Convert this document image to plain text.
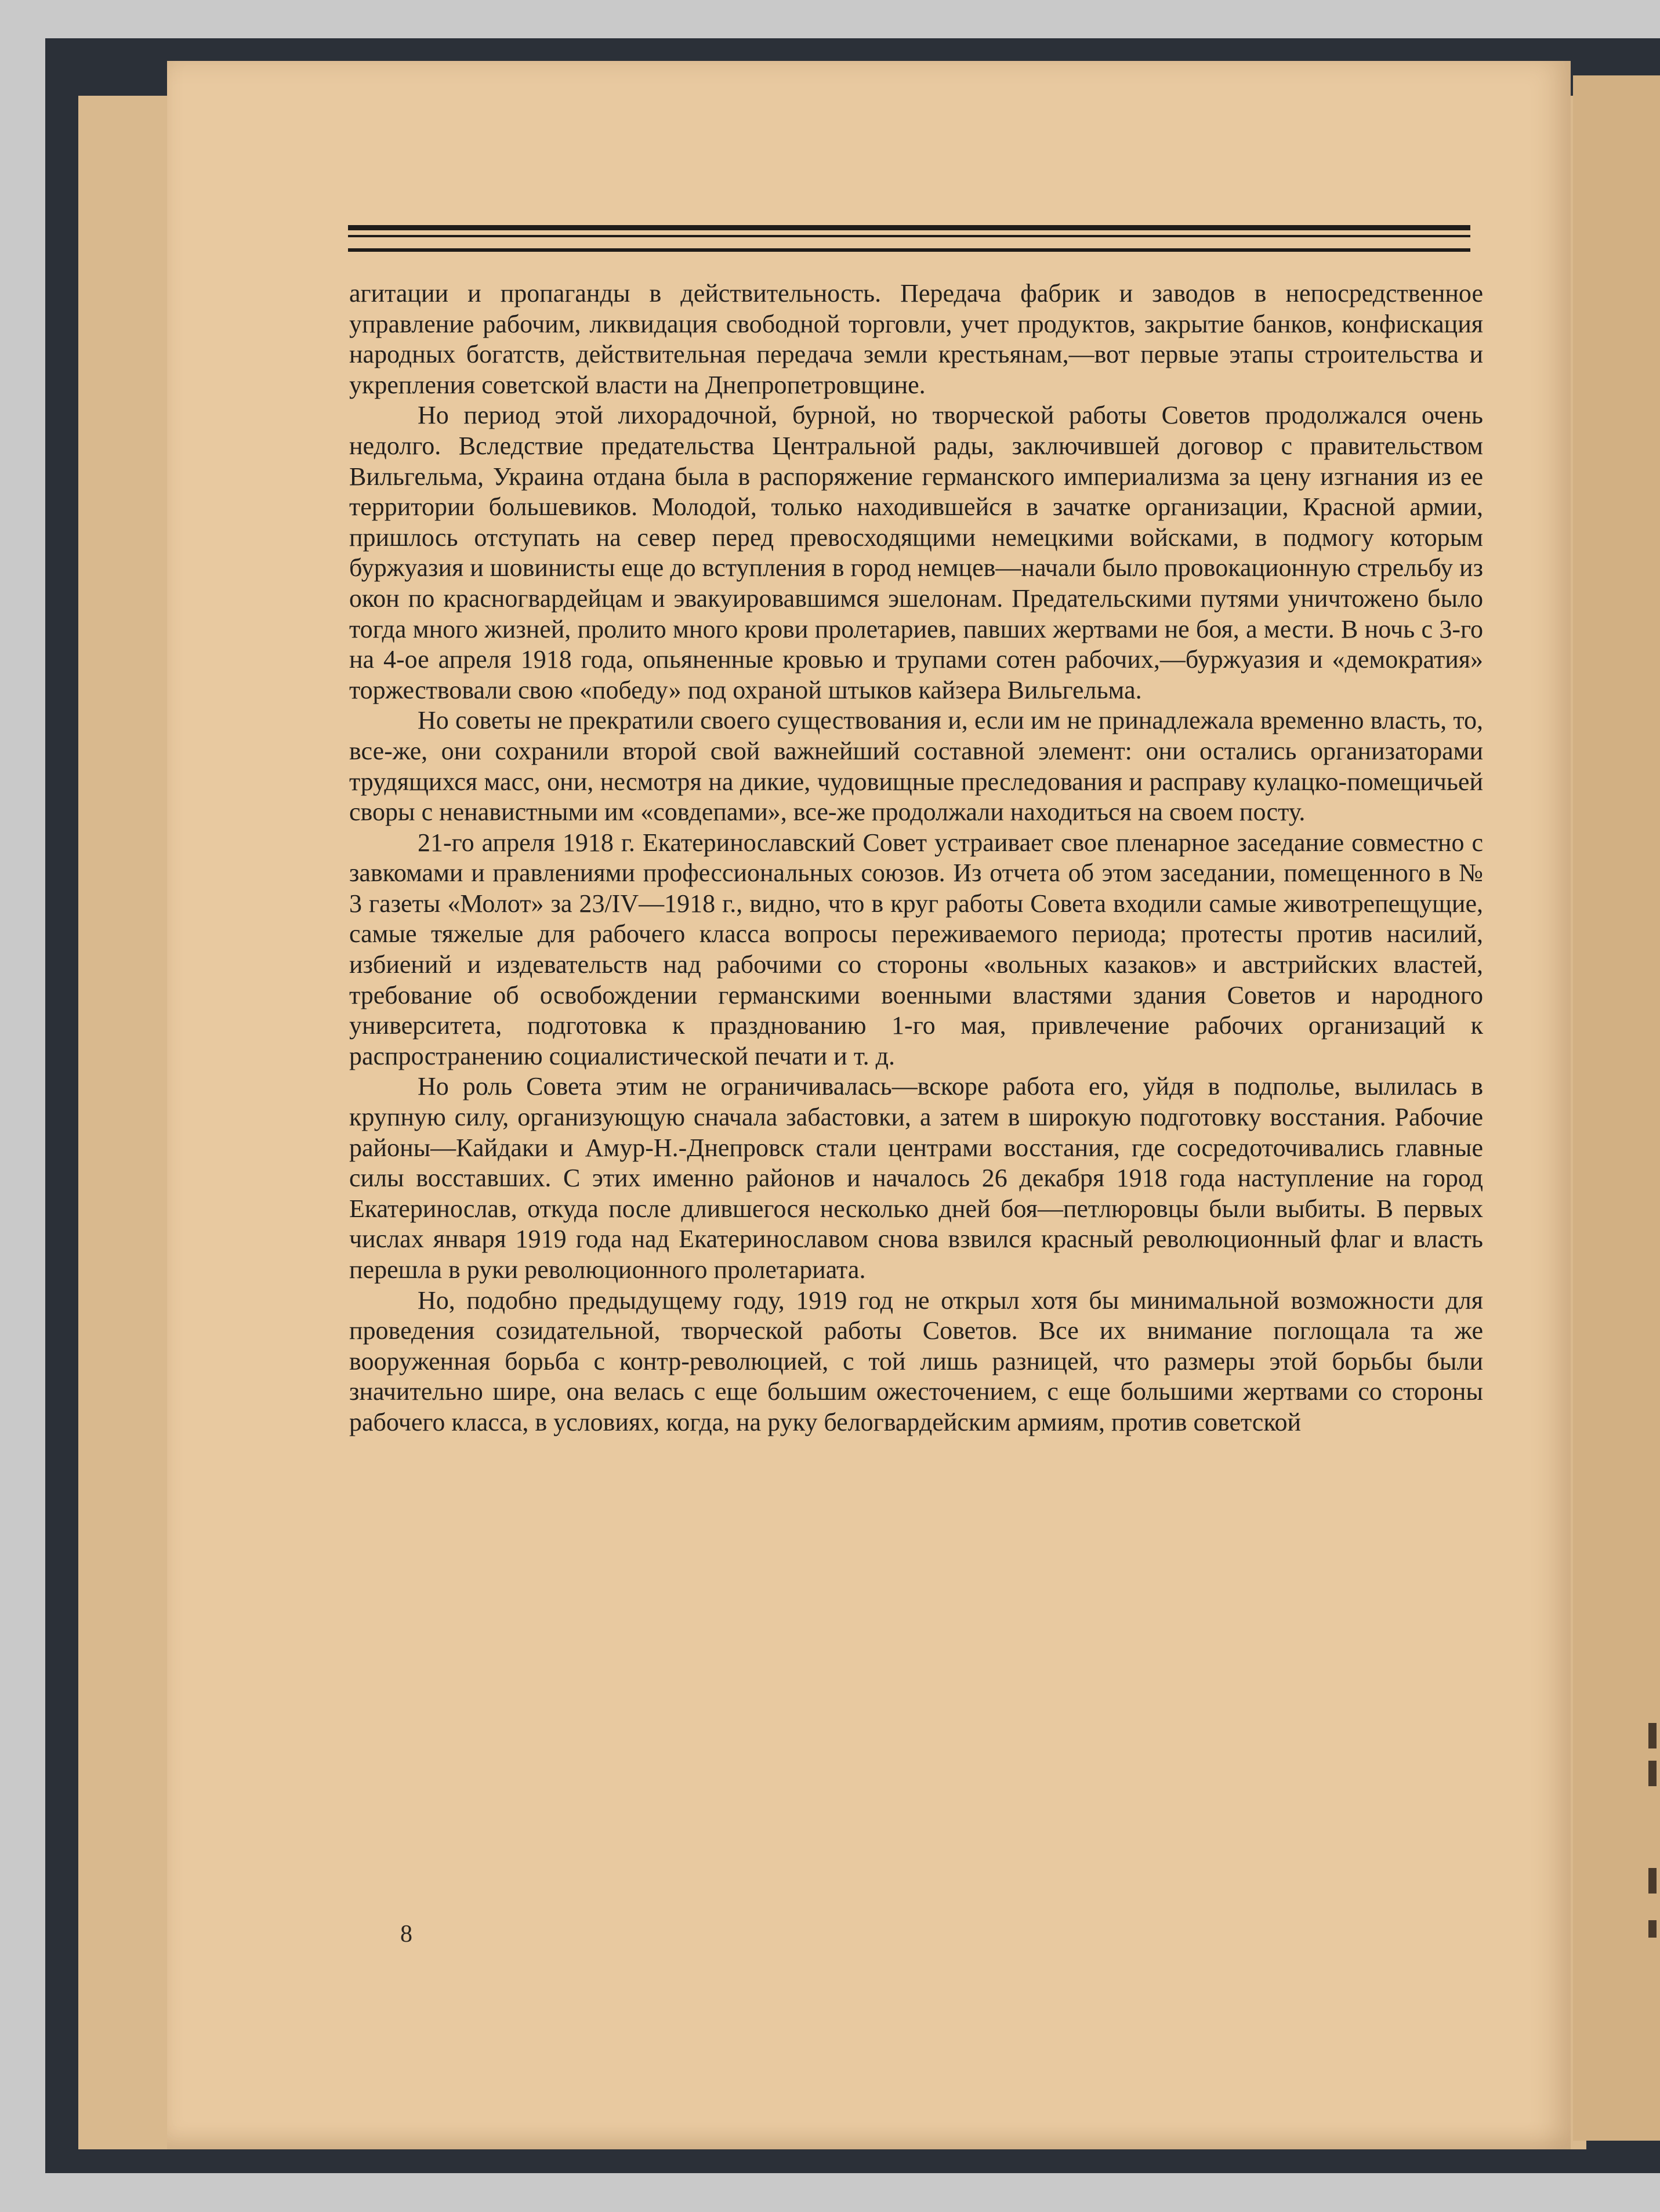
агитации и пропаганды в действительность. Передача фабрик и заводов в непосредственное управление рабочим, ликвидация свободной торговли, учет продуктов, закрытие банков, конфискация народных богатств, действительная передача земли крестьянам,—вот первые этапы строительства и укрепления советской власти на Днепропетровщине.

Но период этой лихорадочной, бурной, но творческой работы Советов продолжался очень недолго. Вследствие предательства Центральной рады, заключившей договор с правительством Вильгельма, Украина отдана была в распоряжение германского империализма за цену изгнания из ее территории большевиков. Молодой, только находившейся в зачатке организации, Красной армии, пришлось отступать на север перед превосходящими немецкими войсками, в подмогу которым буржуазия и шовинисты еще до вступления в город немцев—начали было провокационную стрельбу из окон по красногвардейцам и эвакуировавшимся эшелонам. Предательскими путями уничтожено было тогда много жизней, пролито много крови пролетариев, павших жертвами не боя, а мести. В ночь с 3-го на 4-ое апреля 1918 года, опьяненные кровью и трупами сотен рабочих,—буржуазия и «демократия» торжествовали свою «победу» под охраной штыков кайзера Вильгельма.

Но советы не прекратили своего существования и, если им не принадлежала временно власть, то, все-же, они сохранили второй свой важнейший составной элемент: они остались организаторами трудящихся масс, они, несмотря на дикие, чудовищные преследования и расправу кулацко-помещичьей своры с ненавистными им «совдепами», все-же продолжали находиться на своем посту.

21-го апреля 1918 г. Екатеринославский Совет устраивает свое пленарное заседание совместно с завкомами и правлениями профессиональных союзов. Из отчета об этом заседании, помещенного в № 3 газеты «Молот» за 23/IV—1918 г., видно, что в круг работы Совета входили самые животрепещущие, самые тяжелые для рабочего класса вопросы переживаемого периода; протесты против насилий, избиений и издевательств над рабочими со стороны «вольных казаков» и австрийских властей, требование об освобождении германскими военными властями здания Советов и народного университета, подготовка к празднованию 1-го мая, привлечение рабочих организаций к распространению социалистической печати и т. д.

Но роль Совета этим не ограничивалась—вскоре работа его, уйдя в подполье, вылилась в крупную силу, организующую сначала забастовки, а затем в широкую подготовку восстания. Рабочие районы—Кайдаки и Амур-Н.-Днепровск стали центрами восстания, где сосредоточивались главные силы восставших. С этих именно районов и началось 26 декабря 1918 года наступление на город Екатеринослав, откуда после длившегося несколько дней боя—петлюровцы были выбиты. В первых числах января 1919 года над Екатеринославом снова взвился красный революционный флаг и власть перешла в руки революционного пролетариата.

Но, подобно предыдущему году, 1919 год не открыл хотя бы минимальной возможности для проведения созидательной, творческой работы Советов. Все их внимание поглощала та же вооруженная борьба с контр-революцией, с той лишь разницей, что размеры этой борьбы были значительно шире, она велась с еще большим ожесточением, с еще большими жертвами со стороны рабочего класса, в условиях, когда, на руку белогвардейским армиям, против советской

8
